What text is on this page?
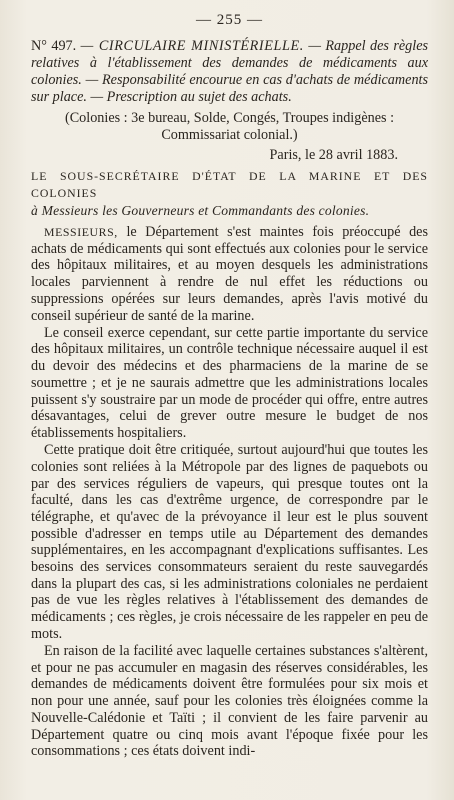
— 255 —

N° 497. — CIRCULAIRE MINISTÉRIELLE. — Rappel des règles relatives à l'établissement des demandes de médicaments aux colonies. — Responsabilité encourue en cas d'achats de médicaments sur place. — Prescription au sujet des achats.

(Colonies : 3e bureau, Solde, Congés, Troupes indigènes : Commissariat colonial.)
Paris, le 28 avril 1883.

LE SOUS-SECRÉTAIRE D'ÉTAT DE LA MARINE ET DES COLONIES
à Messieurs les Gouverneurs et Commandants des colonies.

MESSIEURS, le Département s'est maintes fois préoccupé des achats de médicaments qui sont effectués aux colonies pour le service des hôpitaux militaires, et au moyen desquels les administrations locales parviennent à rendre de nul effet les réductions ou suppressions opérées sur leurs demandes, après l'avis motivé du conseil supérieur de santé de la marine.

Le conseil exerce cependant, sur cette partie importante du service des hôpitaux militaires, un contrôle technique nécessaire auquel il est du devoir des médecins et des pharmaciens de la marine de se soumettre ; et je ne saurais admettre que les administrations locales puissent s'y soustraire par un mode de procéder qui offre, entre autres désavantages, celui de grever outre mesure le budget de nos établissements hospitaliers.

Cette pratique doit être critiquée, surtout aujourd'hui que toutes les colonies sont reliées à la Métropole par des lignes de paquebots ou par des services réguliers de vapeurs, qui presque toutes ont la faculté, dans les cas d'extrême urgence, de correspondre par le télégraphe, et qu'avec de la prévoyance il leur est le plus souvent possible d'adresser en temps utile au Département des demandes supplémentaires, en les accompagnant d'explications suffisantes. Les besoins des services consommateurs seraient du reste sauvegardés dans la plupart des cas, si les administrations coloniales ne perdaient pas de vue les règles relatives à l'établissement des demandes de médicaments ; ces règles, je crois nécessaire de les rappeler en peu de mots.

En raison de la facilité avec laquelle certaines substances s'altèrent, et pour ne pas accumuler en magasin des réserves considérables, les demandes de médicaments doivent être formulées pour six mois et non pour une année, sauf pour les colonies très éloignées comme la Nouvelle-Calédonie et Taïti ; il convient de les faire parvenir au Département quatre ou cinq mois avant l'époque fixée pour les consommations ; ces états doivent indi-
